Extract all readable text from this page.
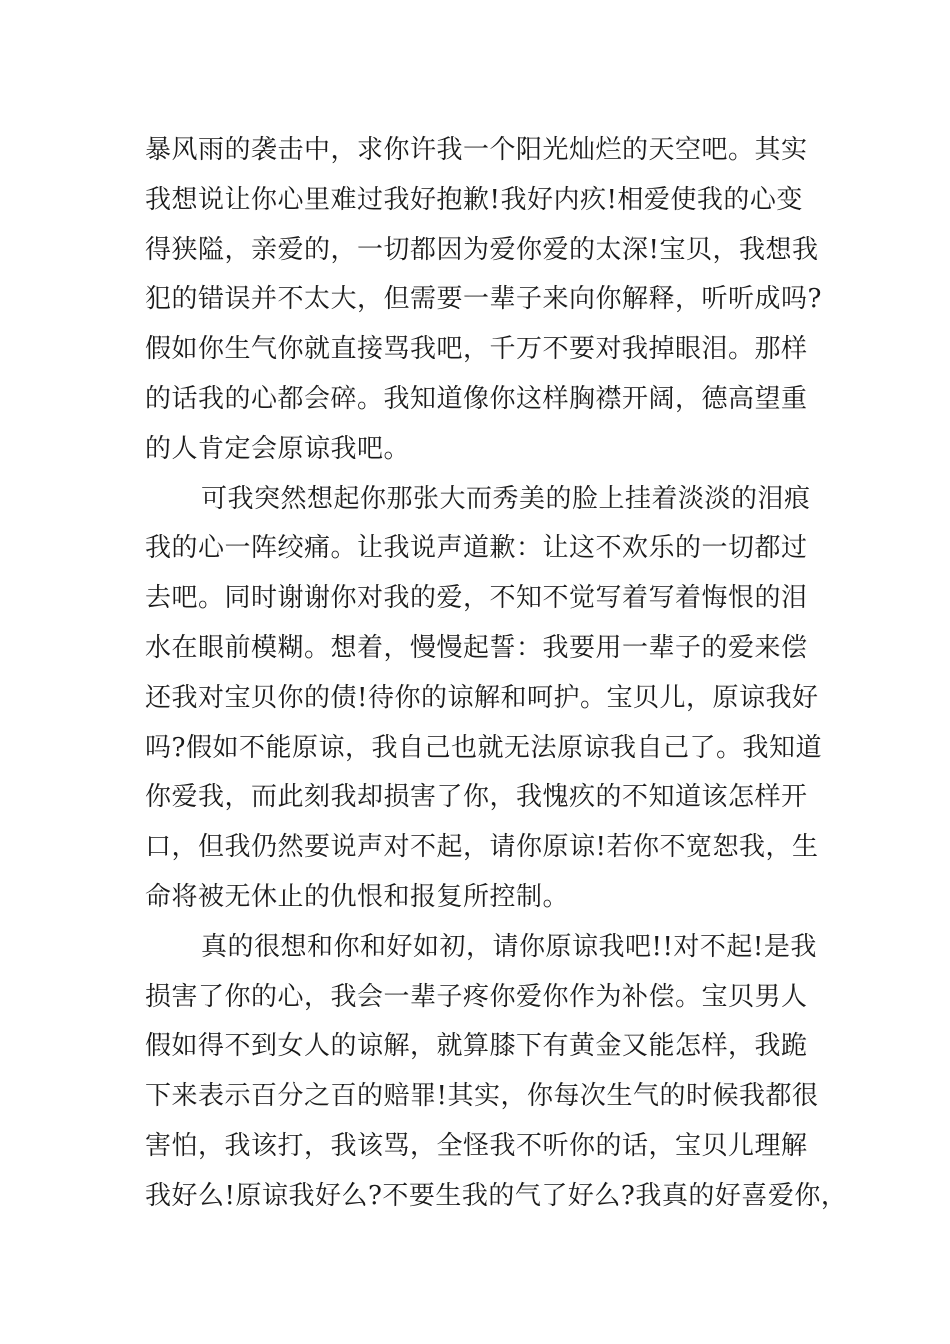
暴风雨的袭击中，求你许我一个阳光灿烂的天空吧。其实
我想说让你心里难过我好抱歉!我好内疚!相爱使我的心变
得狭隘，亲爱的，一切都因为爱你爱的太深!宝贝，我想我
犯的错误并不太大，但需要一辈子来向你解释，听听成吗?
假如你生气你就直接骂我吧，千万不要对我掉眼泪。那样
的话我的心都会碎。我知道像你这样胸襟开阔，德高望重
的人肯定会原谅我吧。
可我突然想起你那张大而秀美的脸上挂着淡淡的泪痕
我的心一阵绞痛。让我说声道歉：让这不欢乐的一切都过
去吧。同时谢谢你对我的爱，不知不觉写着写着悔恨的泪
水在眼前模糊。想着，慢慢起誓：我要用一辈子的爱来偿
还我对宝贝你的债!待你的谅解和呵护。宝贝儿，原谅我好
吗?假如不能原谅，我自己也就无法原谅我自己了。我知道
你爱我，而此刻我却损害了你，我愧疚的不知道该怎样开
口，但我仍然要说声对不起，请你原谅!若你不宽恕我，生
命将被无休止的仇恨和报复所控制。
真的很想和你和好如初，请你原谅我吧!!对不起!是我
损害了你的心，我会一辈子疼你爱你作为补偿。宝贝男人
假如得不到女人的谅解，就算膝下有黄金又能怎样，我跪
下来表示百分之百的赔罪!其实，你每次生气的时候我都很
害怕，我该打，我该骂，全怪我不听你的话，宝贝儿理解
我好么!原谅我好么?不要生我的气了好么?我真的好喜爱你，
